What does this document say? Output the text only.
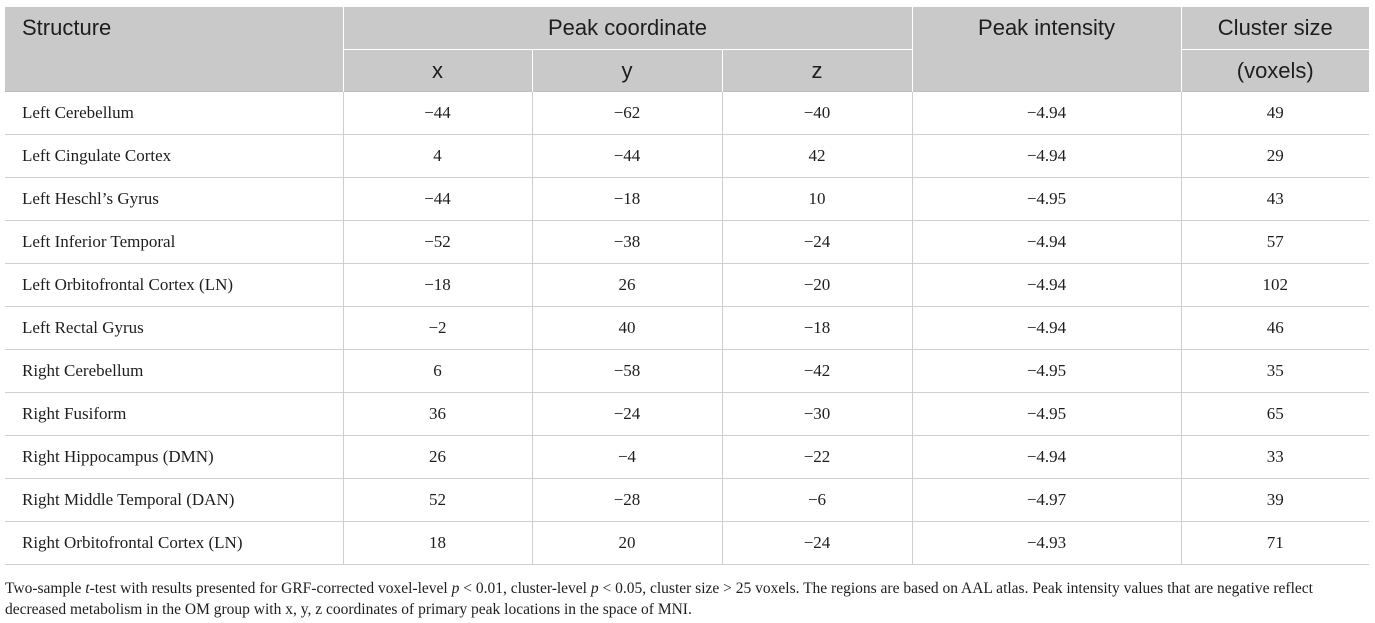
Structure	Peak coordinate			Peak intensity	Cluster size
	x	y	z		(voxels)
Left Cerebellum	−44	−62	−40	−4.94	49
Left Cingulate Cortex	4	−44	42	−4.94	29
Left Heschl’s Gyrus	−44	−18	10	−4.95	43
Left Inferior Temporal	−52	−38	−24	−4.94	57
Left Orbitofrontal Cortex (LN)	−18	26	−20	−4.94	102
Left Rectal Gyrus	−2	40	−18	−4.94	46
Right Cerebellum	6	−58	−42	−4.95	35
Right Fusiform	36	−24	−30	−4.95	65
Right Hippocampus (DMN)	26	−4	−22	−4.94	33
Right Middle Temporal (DAN)	52	−28	−6	−4.97	39
Right Orbitofrontal Cortex (LN)	18	20	−24	−4.93	71

Two-sample t-test with results presented for GRF-corrected voxel-level p < 0.01, cluster-level p < 0.05, cluster size > 25 voxels. The regions are based on AAL atlas. Peak intensity values that are negative reflect decreased metabolism in the OM group with x, y, z coordinates of primary peak locations in the space of MNI.
